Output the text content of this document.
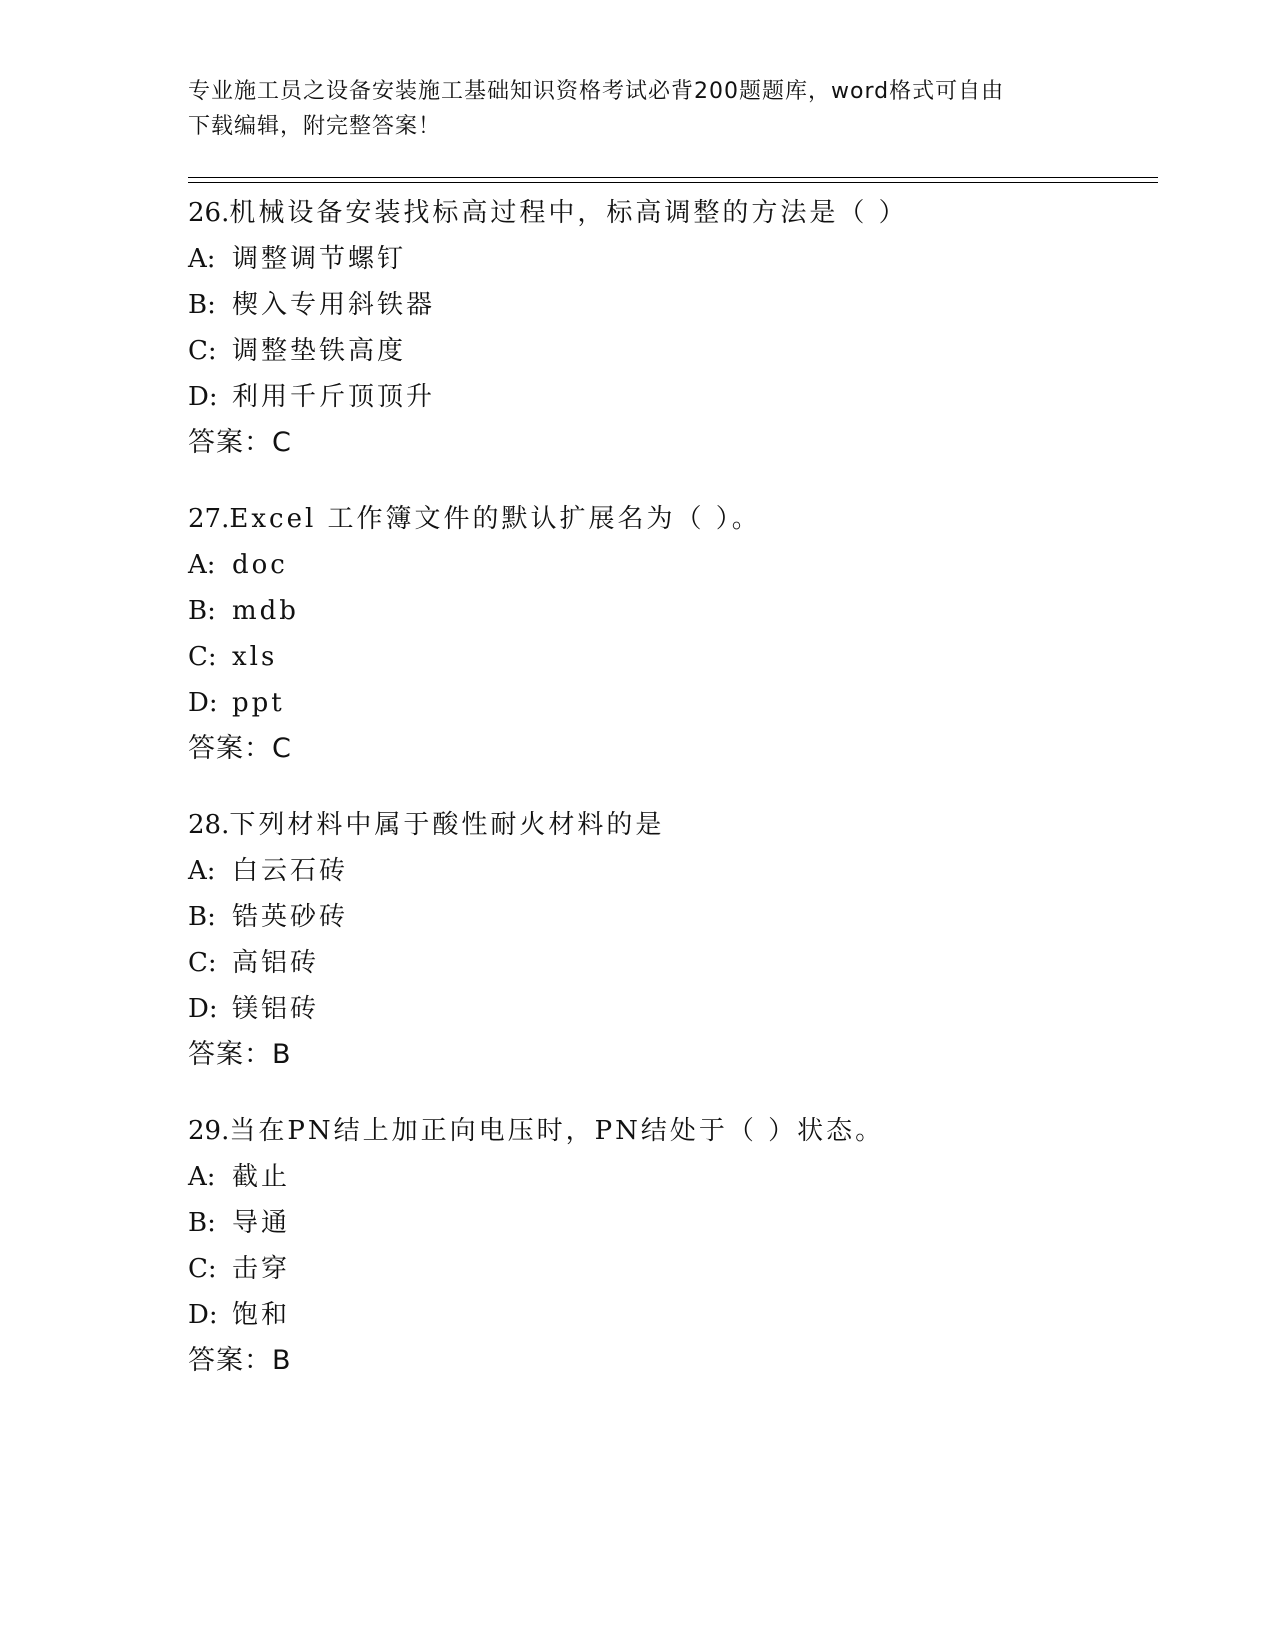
专业施工员之设备安装施工基础知识资格考试必背200题题库，word格式可自由
下载编辑，附完整答案！
26.机械设备安装找标高过程中，标高调整的方法是（ ）
A: 调整调节螺钉
B: 楔入专用斜铁器
C: 调整垫铁高度
D: 利用千斤顶顶升
答案：C
27.Excel 工作簿文件的默认扩展名为（ ）。
A: doc
B: mdb
C: xls
D: ppt
答案：C
28.下列材料中属于酸性耐火材料的是
A: 白云石砖
B: 锆英砂砖
C: 高铝砖
D: 镁铝砖
答案：B
29.当在PN结上加正向电压时，PN结处于（ ）状态。
A: 截止
B: 导通
C: 击穿
D: 饱和
答案：B
